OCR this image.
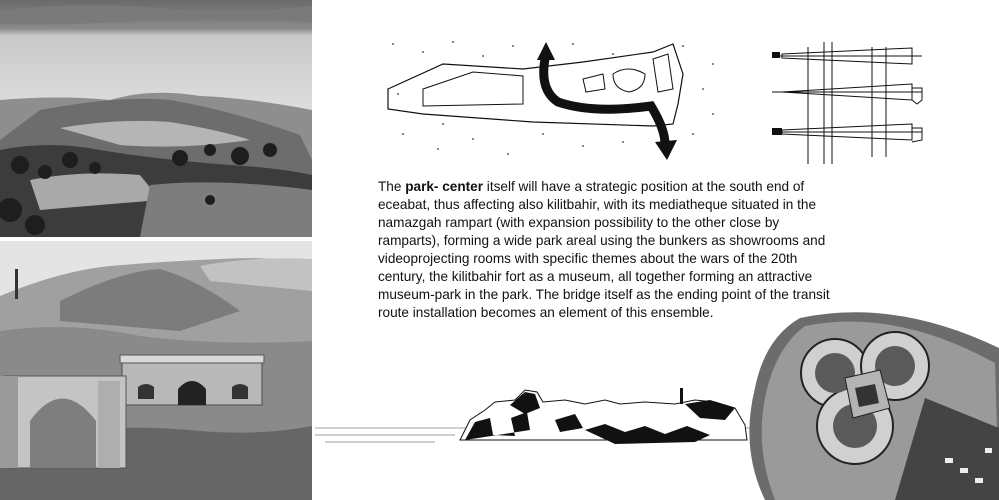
The park- center itself will have a strategic position at the south end of eceabat, thus affecting also kilitbahir, with its mediatheque situated in the namazgah rampart (with expansion possibility to the other close by ramparts), forming a wide park areal using the bunkers as showrooms and videoprojecting rooms with specific themes about the wars of the 20th century, the kilitbahir fort as a museum, all together forming an attractive museum-park in the park. The bridge itself as the ending point of the transit route installation becomes an element of this ensemble.
